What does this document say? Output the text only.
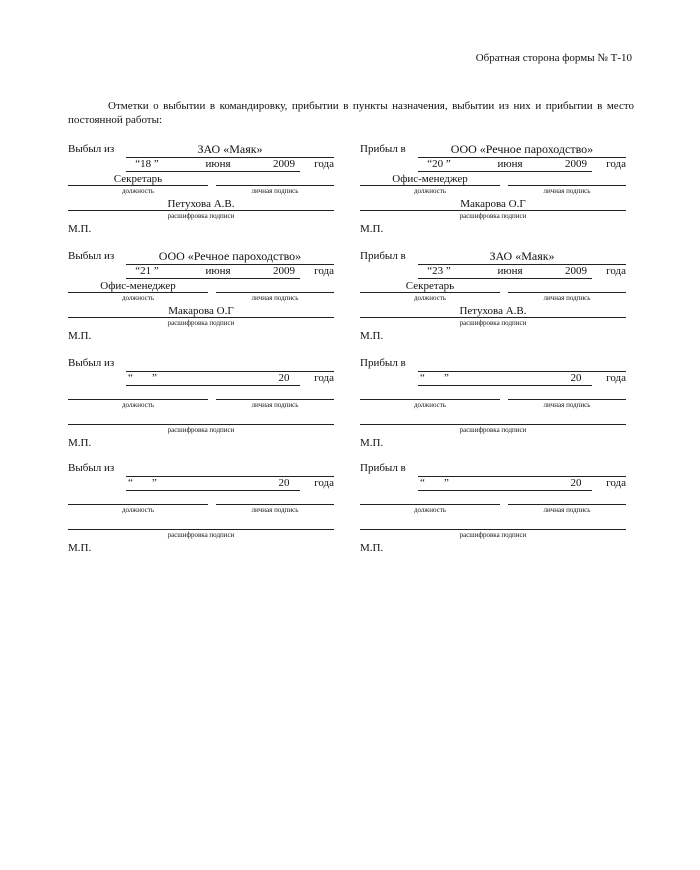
Обратная сторона формы № Т-10
Отметки о выбытии в командировку, прибытии в пункты назначения, выбытии из них и прибытии в место постоянной работы:
Выбыл из	ЗАО «Маяк»
“18 ”	июня	2009	года
Секретарь
должность	личная подпись
Петухова А.В.
расшифровка подписи
М.П.
Прибыл в	ООО «Речное пароходство»
“20 ”	июня	2009	года
Офис-менеджер
должность	личная подпись
Макарова О.Г
расшифровка подписи
М.П.
Выбыл из	ООО «Речное пароходство»
“21 ”	июня	2009	года
Офис-менеджер
должность	личная подпись
Макарова О.Г
расшифровка подписи
М.П.
Прибыл в	ЗАО «Маяк»
“23 ”	июня	2009	года
Секретарь
должность	личная подпись
Петухова А.В.
расшифровка подписи
М.П.
Выбыл из
“ ”	20	года
должность	личная подпись
расшифровка подписи
М.П.
Прибыл в
“ ”	20	года
должность	личная подпись
расшифровка подписи
М.П.
Выбыл из
“ ”	20	года
должность	личная подпись
расшифровка подписи
М.П.
Прибыл в
“ ”	20	года
должность	личная подпись
расшифровка подписи
М.П.
